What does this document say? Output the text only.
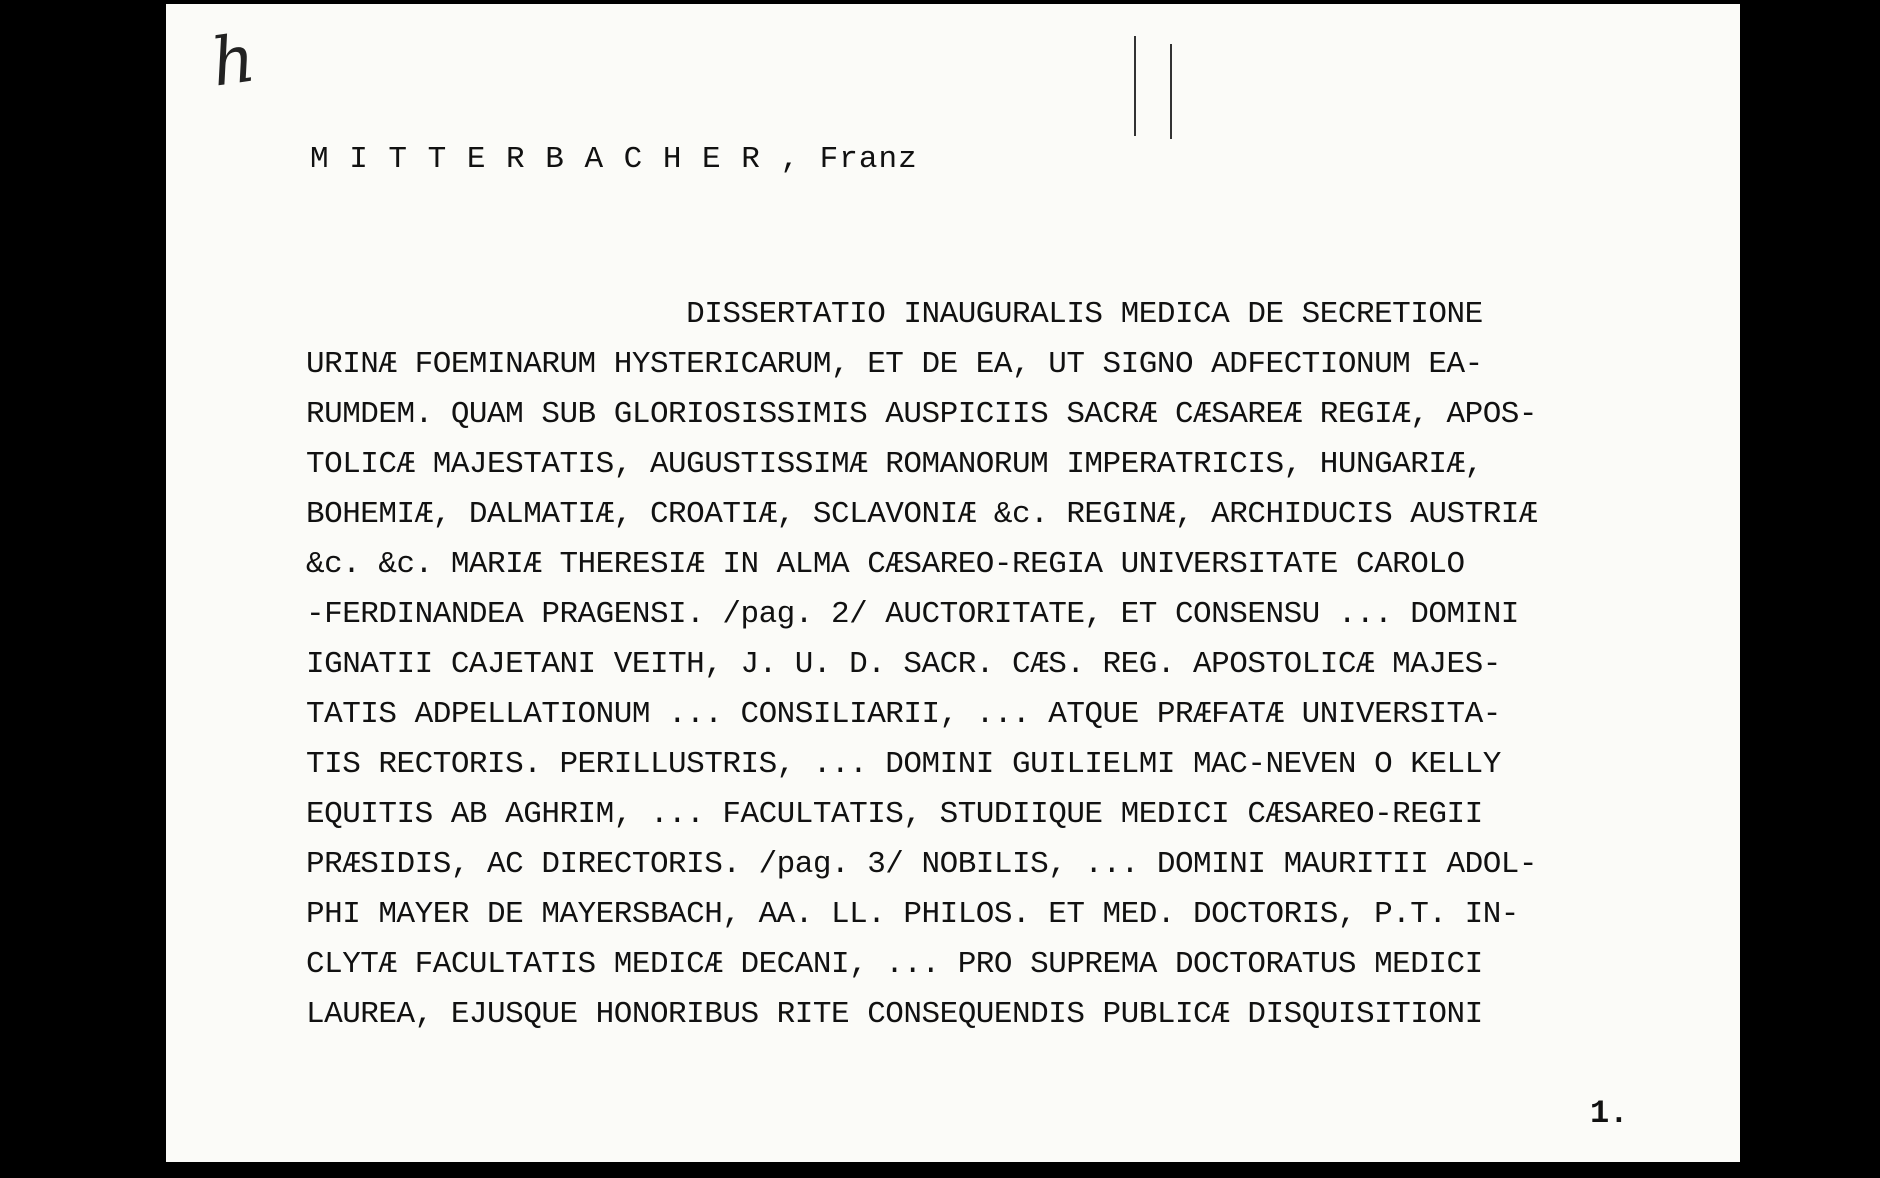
h
M I T T E R B A C H E R , Franz
DISSERTATIO INAUGURALIS MEDICA DE SECRETIONE
URINÆ FOEMINARUM HYSTERICARUM, ET DE EA, UT SIGNO ADFECTIONUM EA-
RUMDEM. QUAM SUB GLORIOSISSIMIS AUSPICIIS SACRÆ CÆSAREÆ REGIÆ, APOS-
TOLICÆ MAJESTATIS, AUGUSTISSIMÆ ROMANORUM IMPERATRICIS, HUNGARIÆ,
BOHEMIÆ, DALMATIÆ, CROATIÆ, SCLAVONIÆ &c. REGINÆ, ARCHIDUCIS AUSTRIÆ
&c. &c. MARIÆ THERESIÆ IN ALMA CÆSAREO-REGIA UNIVERSITATE CAROLO
-FERDINANDEA PRAGENSI. /pag. 2/ AUCTORITATE, ET CONSENSU ... DOMINI
IGNATII CAJETANI VEITH, J. U. D. SACR. CÆS. REG. APOSTOLICÆ MAJES-
TATIS ADPELLATIONUM ... CONSILIARII, ... ATQUE PRÆFATÆ UNIVERSITA-
TIS RECTORIS. PERILLUSTRIS, ... DOMINI GUILIELMI MAC-NEVEN O KELLY
EQUITIS AB AGHRIM, ... FACULTATIS, STUDIIQUE MEDICI CÆSAREO-REGII
PRÆSIDIS, AC DIRECTORIS. /pag. 3/ NOBILIS, ... DOMINI MAURITII ADOL-
PHI MAYER DE MAYERSBACH, AA. LL. PHILOS. ET MED. DOCTORIS, P.T. IN-
CLYTÆ FACULTATIS MEDICÆ DECANI, ... PRO SUPREMA DOCTORATUS MEDICI
LAUREA, EJUSQUE HONORIBUS RITE CONSEQUENDIS PUBLICÆ DISQUISITIONI
1.
